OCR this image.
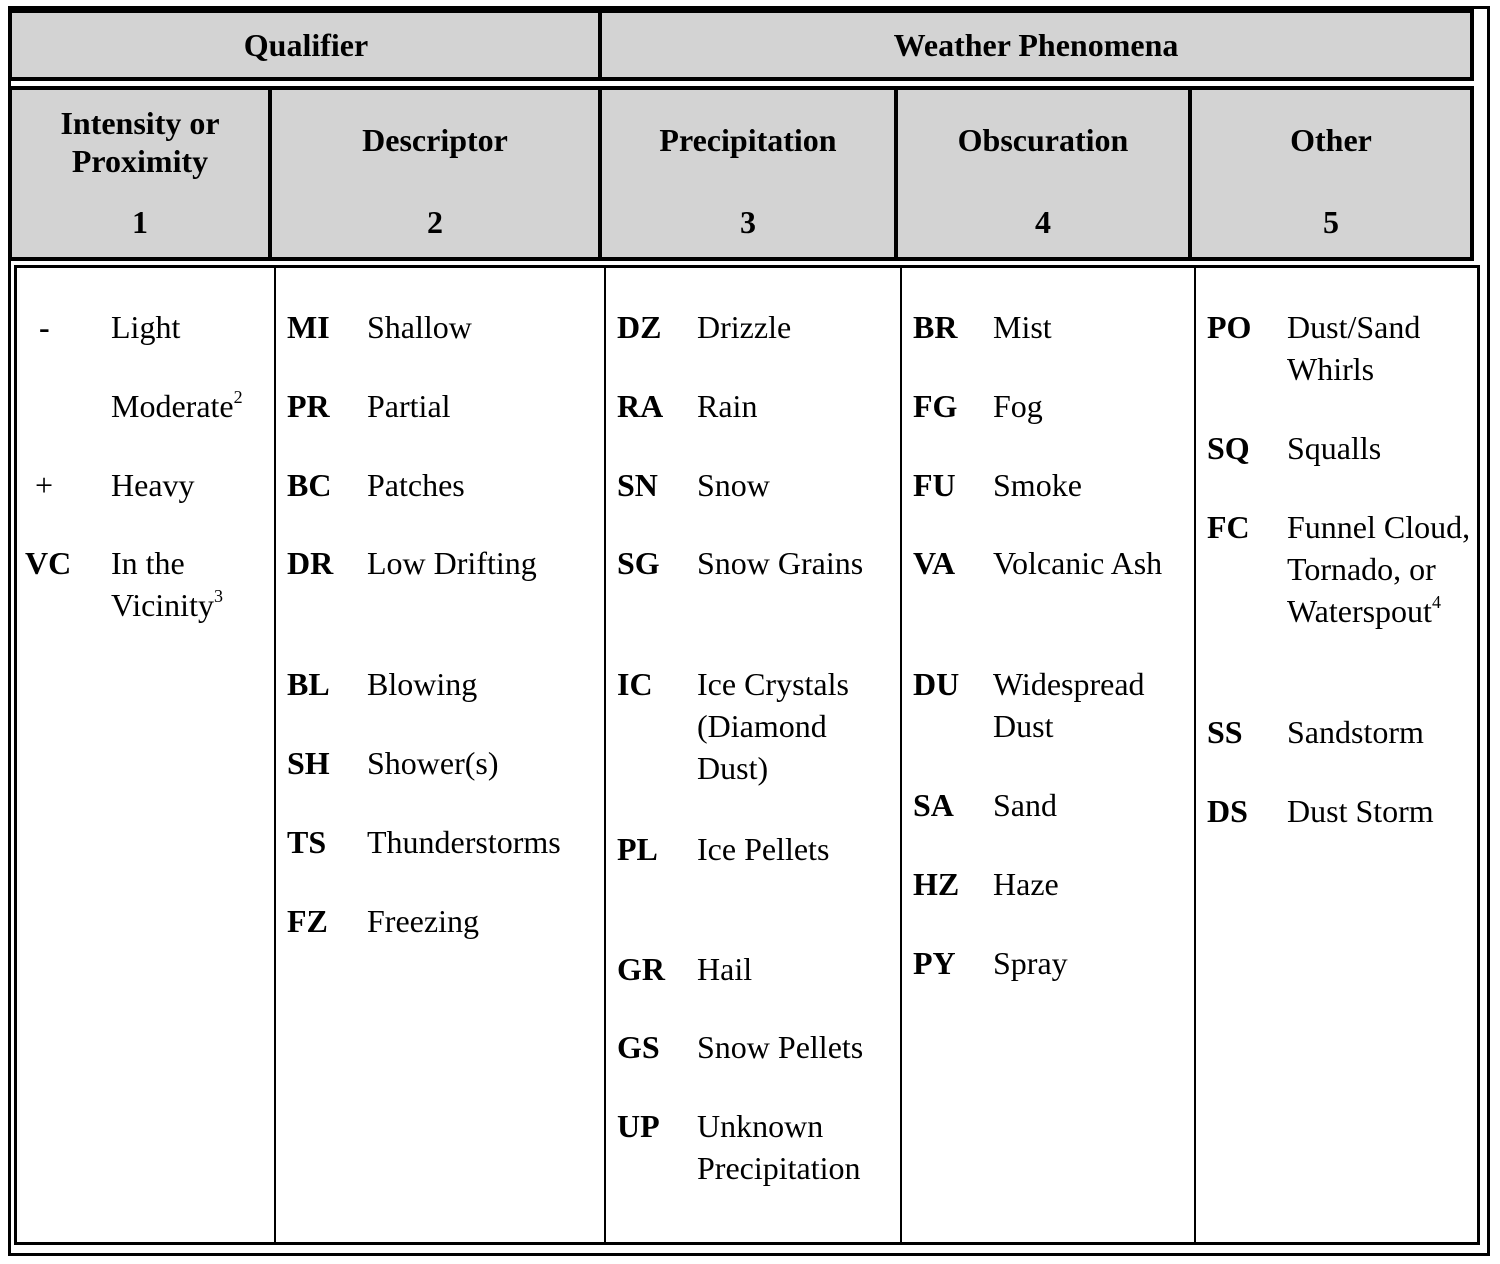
Qualifier	Weather Phenomena
Intensity or
Proximity
1
Descriptor
2
Precipitation
3
Obscuration
4
Other
5
- Light
Moderate$^2$
+ Heavy
VC In the Vicinity$^3$
MI Shallow
PR Partial
BC Patches
DR Low Drifting
BL Blowing
SH Shower(s)
TS Thunderstorms
FZ Freezing
DZ Drizzle
RA Rain
SN Snow
SG Snow Grains
IC Ice Crystals (Diamond Dust)
PL Ice Pellets
GR Hail
GS Snow Pellets
UP Unknown Precipitation
BR Mist
FG Fog
FU Smoke
VA Volcanic Ash
DU Widespread Dust
SA Sand
HZ Haze
PY Spray
PO Dust/Sand Whirls
SQ Squalls
FC Funnel Cloud, Tornado, or Waterspout$^4$
SS Sandstorm
DS Dust Storm
